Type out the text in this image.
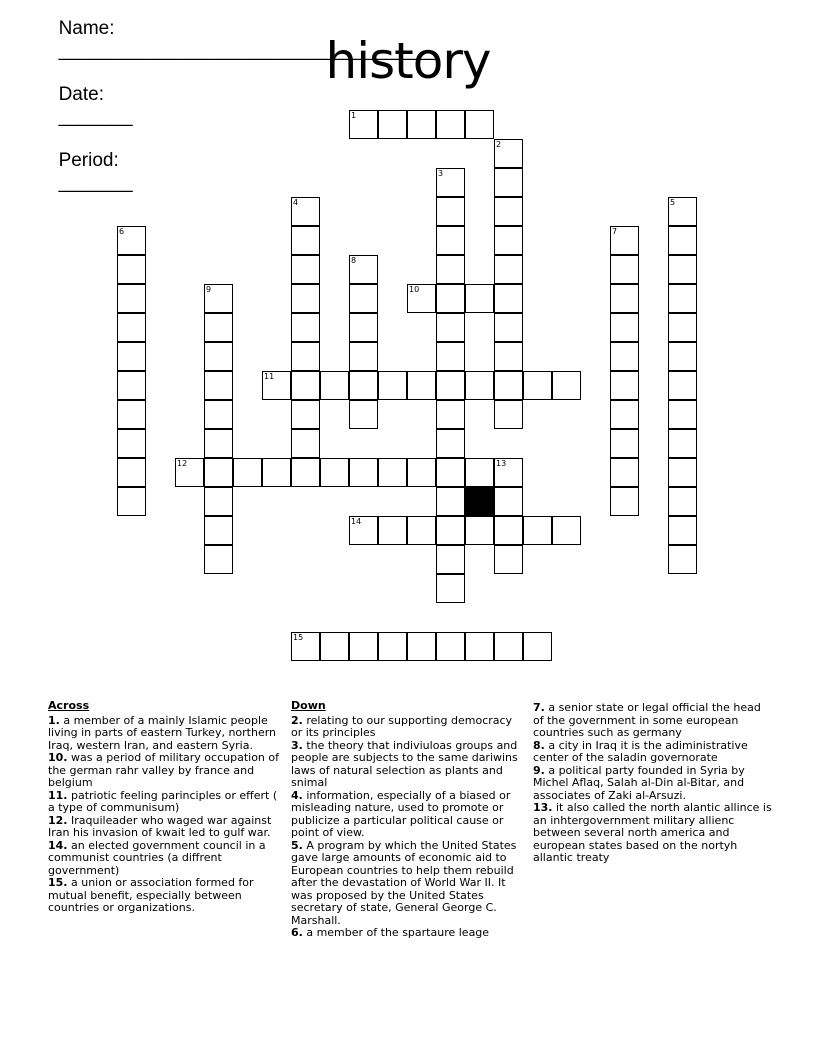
Name:
____________________________________

Date:
_______

Period:
_______

history
1
2
3
4	5
6	7
8
9	10
11
12	13
14
15
Across
1. a member of a mainly Islamic people living in parts of eastern Turkey, northern Iraq, western Iran, and eastern Syria.
10. was a period of military occupation of the german rahr valley by france and belgium
11. patriotic feeling parinciples or effert ( a type of communisum)
12. Iraquileader who waged war against Iran his invasion of kwait led to gulf war.
14. an elected government council in a communist countries (a diffrent government)
15. a union or association formed for mutual benefit, especially between countries or organizations.
Down
2. relating to our supporting democracy or its principles
3. the theory that indiviuloas groups and people are subjects to the same dariwins laws of natural selection as plants and snimal
4. information, especially of a biased or misleading nature, used to promote or publicize a particular political cause or point of view.
5. A program by which the United States gave large amounts of economic aid to European countries to help them rebuild after the devastation of World War II. It was proposed by the United States secretary of state, General George C. Marshall.
6. a member of the spartaure leage
7. a senior state or legal official the head of the government in some european countries such as germany
8. a city in Iraq it is the adiministrative center of the saladin governorate
9. a political party founded in Syria by Michel Aflaq, Salah al-Din al-Bitar, and associates of Zaki al-Arsuzi.
13. it also called the north alantic allince is an inhtergovernment military allienc between several north america and european states based on the nortyh allantic treaty
